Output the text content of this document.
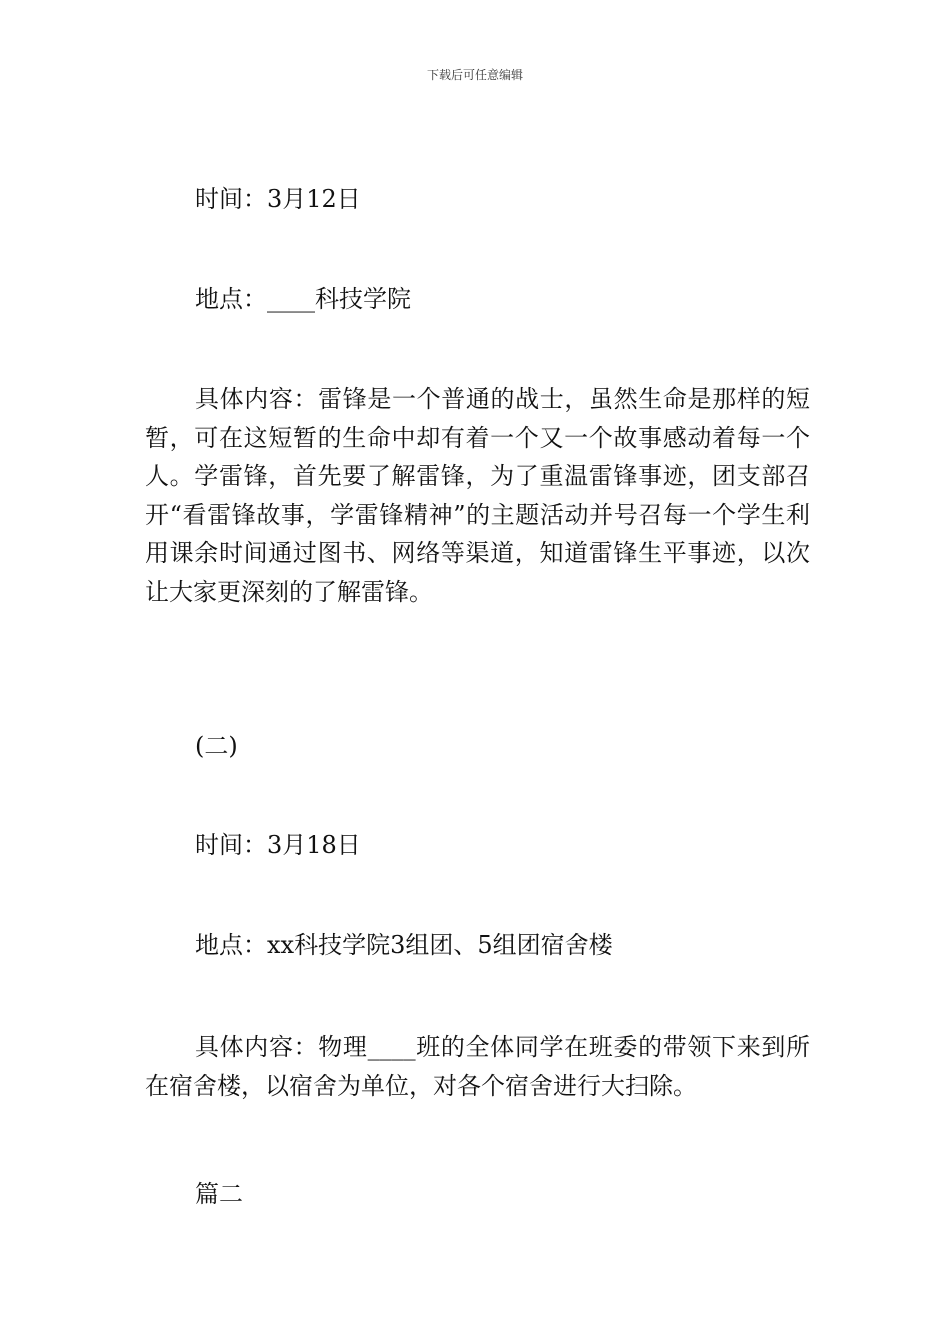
下载后可任意编辑

时间：3月12日

地点：____科技学院

具体内容：雷锋是一个普通的战士，虽然生命是那样的短暂，可在这短暂的生命中却有着一个又一个故事感动着每一个人。学雷锋，首先要了解雷锋，为了重温雷锋事迹，团支部召开“看雷锋故事，学雷锋精神”的主题活动并号召每一个学生利用课余时间通过图书、网络等渠道，知道雷锋生平事迹，以次让大家更深刻的了解雷锋。

(二)

时间：3月18日

地点：xx科技学院3组团、5组团宿舍楼

具体内容：物理____班的全体同学在班委的带领下来到所在宿舍楼，以宿舍为单位，对各个宿舍进行大扫除。

篇二
